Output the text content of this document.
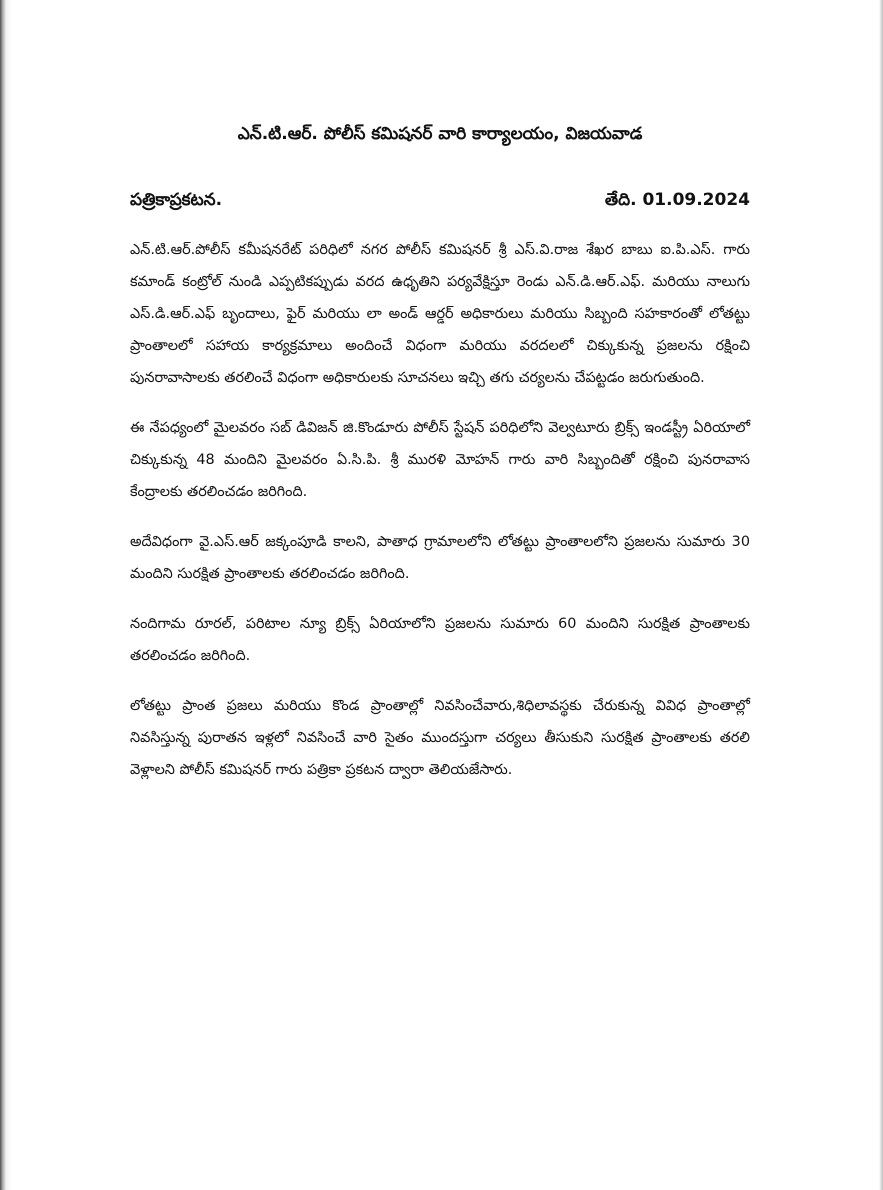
ఎన్.టి.ఆర్. పోలీస్ కమిషనర్ వారి కార్యాలయం, విజయవాడ
పత్రికాప్రకటన.	తేది. 01.09.2024

ఎన్.టి.ఆర్.పోలీస్ కమీషనరేట్ పరిధిలో నగర పోలీస్ కమిషనర్ శ్రీ ఎస్.వి.రాజ శేఖర బాబు ఐ.పి.ఎస్. గారు కమాండ్ కంట్రోల్ నుండి ఎప్పటికప్పుడు వరద ఉధృతిని పర్యవేక్షిస్తూ రెండు ఎన్.డి.ఆర్.ఎఫ్. మరియు నాలుగు ఎస్.డి.ఆర్.ఎఫ్ బృందాలు, ఫైర్ మరియు లా అండ్ ఆర్డర్ అధికారులు మరియు సిబ్బంది సహకారంతో లోతట్టు ప్రాంతాలలో సహాయ కార్యక్రమాలు అందించే విధంగా మరియు వరదలలో చిక్కుకున్న ప్రజలను రక్షించి పునరావాసాలకు తరలించే విధంగా అధికారులకు సూచనలు ఇచ్చి తగు చర్యలను చేపట్టడం జరుగుతుంది.

ఈ నేపధ్యంలో మైలవరం సబ్ డివిజన్ జి.కొండూరు పోలీస్ స్టేషన్ పరిధిలోని వెల్వటూరు బ్రిక్స్ ఇండస్ట్రీ ఏరియాలో చిక్కుకున్న 48 మందిని మైలవరం ఏ.సి.పి. శ్రీ మురళి మోహన్ గారు వారి సిబ్బందితో రక్షించి పునరావాస కేంద్రాలకు తరలించడం జరిగింది.

అదేవిధంగా వై.ఎస్.ఆర్ జక్కంపూడి కాలని, పాతాధ గ్రామాలలోని లోతట్టు ప్రాంతాలలోని ప్రజలను సుమారు 30 మందిని సురక్షిత ప్రాంతాలకు తరలించడం జరిగింది.

నందిగామ రూరల్, పరిటాల న్యూ బ్రిక్స్ ఏరియాలోని ప్రజలను సుమారు 60 మందిని సురక్షిత ప్రాంతాలకు తరలించడం జరిగింది.

లోతట్టు ప్రాంత ప్రజలు మరియు కొండ ప్రాంతాల్లో నివసించేవారు,శిధిలావస్థకు చేరుకున్న వివిధ ప్రాంతాల్లో నివసిస్తున్న పురాతన ఇళ్లలో నివసించే వారి సైతం ముందస్తుగా చర్యలు తీసుకుని సురక్షిత ప్రాంతాలకు తరలి వెళ్లాలని పోలీస్ కమిషనర్ గారు పత్రికా ప్రకటన ద్వారా తెలియజేసారు.
